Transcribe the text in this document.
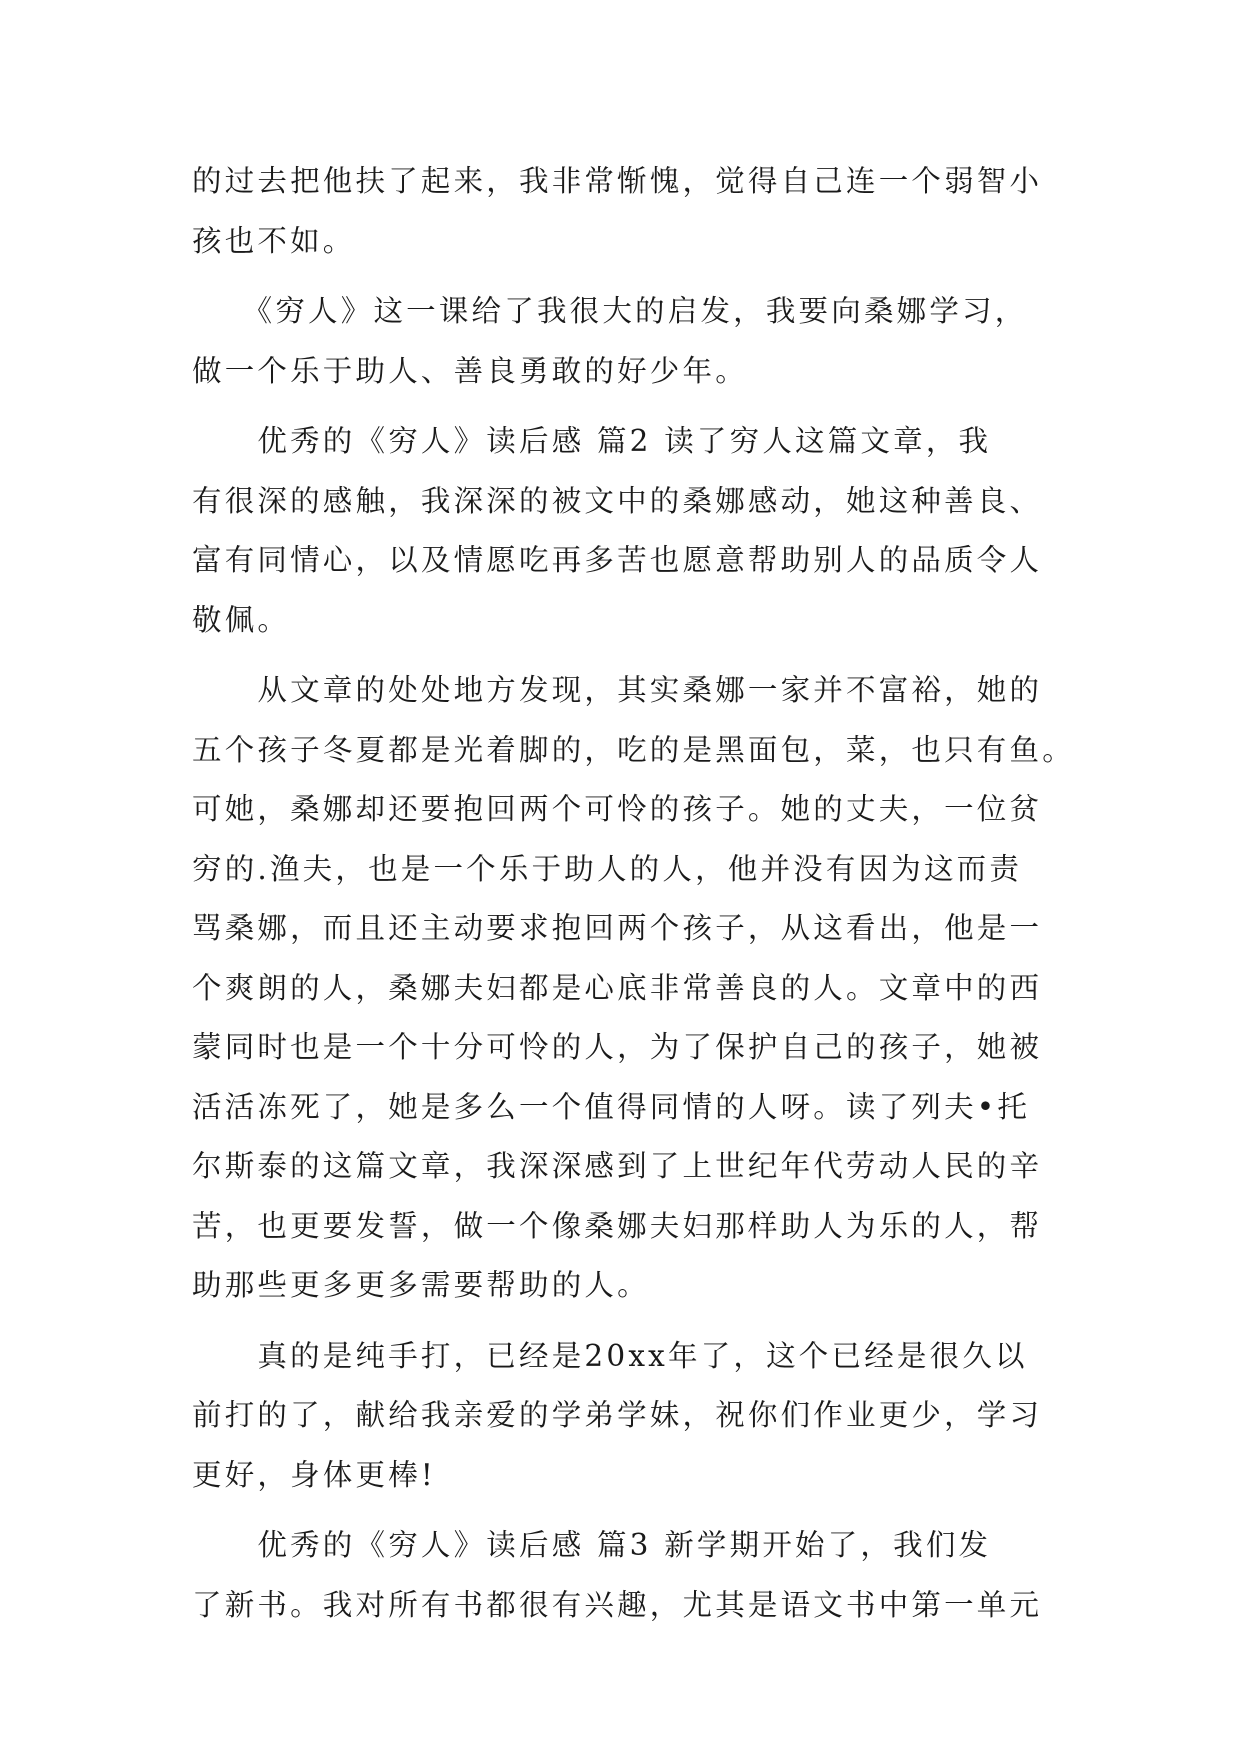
的过去把他扶了起来，我非常惭愧，觉得自己连一个弱智小
孩也不如。
　　《穷人》这一课给了我很大的启发，我要向桑娜学习，
做一个乐于助人、善良勇敢的好少年。
　　优秀的《穷人》读后感 篇2 读了穷人这篇文章，我
有很深的感触，我深深的被文中的桑娜感动，她这种善良、
富有同情心，以及情愿吃再多苦也愿意帮助别人的品质令人
敬佩。
　　从文章的处处地方发现，其实桑娜一家并不富裕，她的
五个孩子冬夏都是光着脚的，吃的是黑面包，菜，也只有鱼。
可她，桑娜却还要抱回两个可怜的孩子。她的丈夫，一位贫
穷的.渔夫，也是一个乐于助人的人，他并没有因为这而责
骂桑娜，而且还主动要求抱回两个孩子，从这看出，他是一
个爽朗的人，桑娜夫妇都是心底非常善良的人。文章中的西
蒙同时也是一个十分可怜的人，为了保护自己的孩子，她被
活活冻死了，她是多么一个值得同情的人呀。读了列夫•托
尔斯泰的这篇文章，我深深感到了上世纪年代劳动人民的辛
苦，也更要发誓，做一个像桑娜夫妇那样助人为乐的人，帮
助那些更多更多需要帮助的人。
　　真的是纯手打，已经是20xx年了，这个已经是很久以
前打的了，献给我亲爱的学弟学妹，祝你们作业更少，学习
更好，身体更棒!
　　优秀的《穷人》读后感 篇3 新学期开始了，我们发
了新书。我对所有书都很有兴趣，尤其是语文书中第一单元
